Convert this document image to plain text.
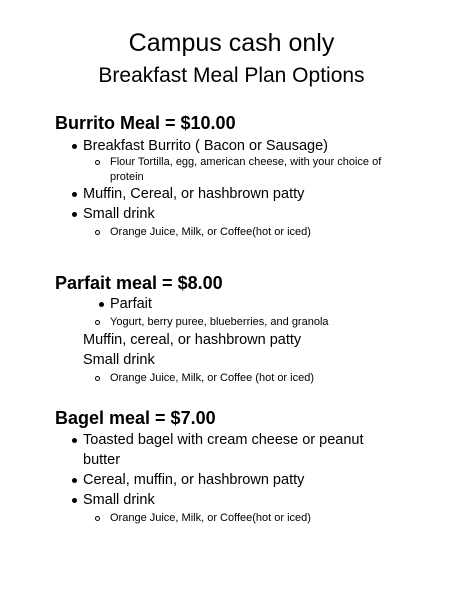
Campus cash only
Breakfast Meal Plan Options
Burrito Meal = $10.00
Breakfast Burrito ( Bacon or Sausage)
Flour Tortilla, egg, american cheese, with your choice of
protein
Muffin, Cereal, or hashbrown patty
Small drink
Orange Juice, Milk, or Coffee(hot or iced)
Parfait meal = $8.00
Parfait
Yogurt, berry puree, blueberries, and granola
Muffin, cereal, or hashbrown patty
Small drink
Orange Juice, Milk, or Coffee (hot or iced)
Bagel meal = $7.00
Toasted bagel with cream cheese or peanut
butter
Cereal, muffin, or hashbrown patty
Small drink
Orange Juice, Milk, or Coffee(hot or iced)
